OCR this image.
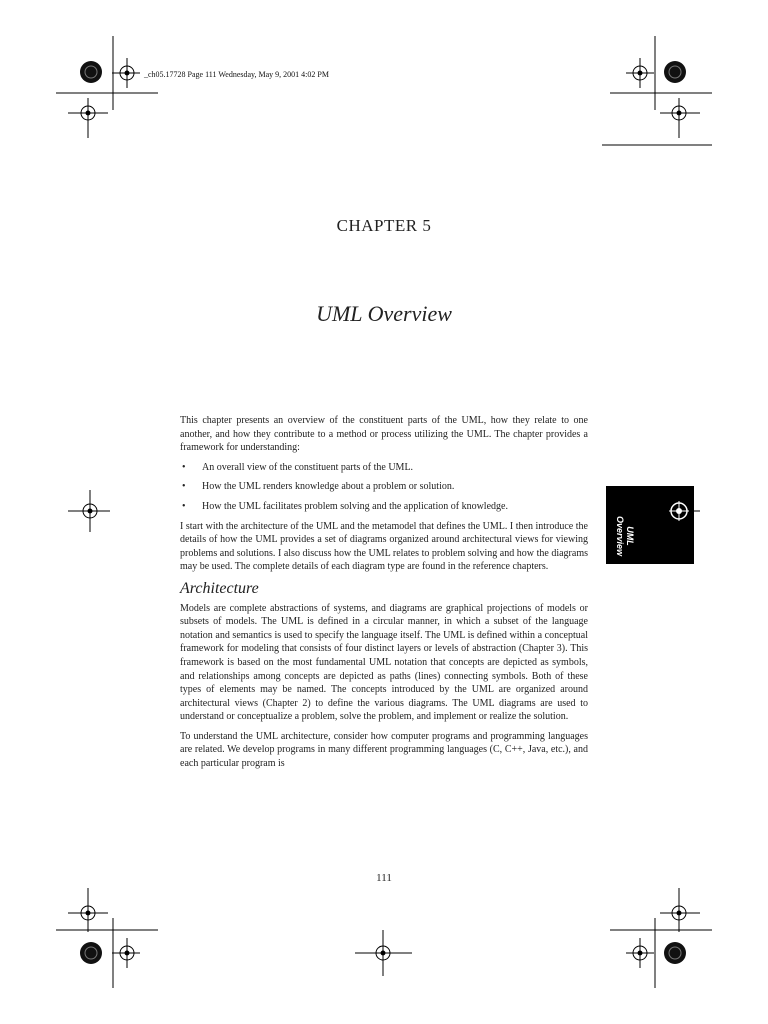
_ch05.17728 Page 111 Wednesday, May 9, 2001 4:02 PM
UML
Overview
CHAPTER 5
UML Overview

This chapter presents an overview of the constituent parts of the UML, how they relate to one another, and how they contribute to a method or process utilizing the UML. The chapter provides a framework for understanding:

• An overall view of the constituent parts of the UML.
• How the UML renders knowledge about a problem or solution.
• How the UML facilitates problem solving and the application of knowledge.

I start with the architecture of the UML and the metamodel that defines the UML. I then introduce the details of how the UML provides a set of diagrams organized around architectural views for viewing problems and solutions. I also discuss how the UML relates to problem solving and how the diagrams may be used. The complete details of each diagram type are found in the reference chapters.

Architecture

Models are complete abstractions of systems, and diagrams are graphical projections of models or subsets of models. The UML is defined in a circular manner, in which a subset of the language notation and semantics is used to specify the language itself. The UML is defined within a conceptual framework for modeling that consists of four distinct layers or levels of abstraction (Chapter 3). This framework is based on the most fundamental UML notation that concepts are depicted as symbols, and relationships among concepts are depicted as paths (lines) connecting symbols. Both of these types of elements may be named. The concepts introduced by the UML are organized around architectural views (Chapter 2) to define the various diagrams. The UML diagrams are used to understand or conceptualize a problem, solve the problem, and implement or realize the solution.

To understand the UML architecture, consider how computer programs and programming languages are related. We develop programs in many different programming languages (C, C++, Java, etc.), and each particular program is

111
